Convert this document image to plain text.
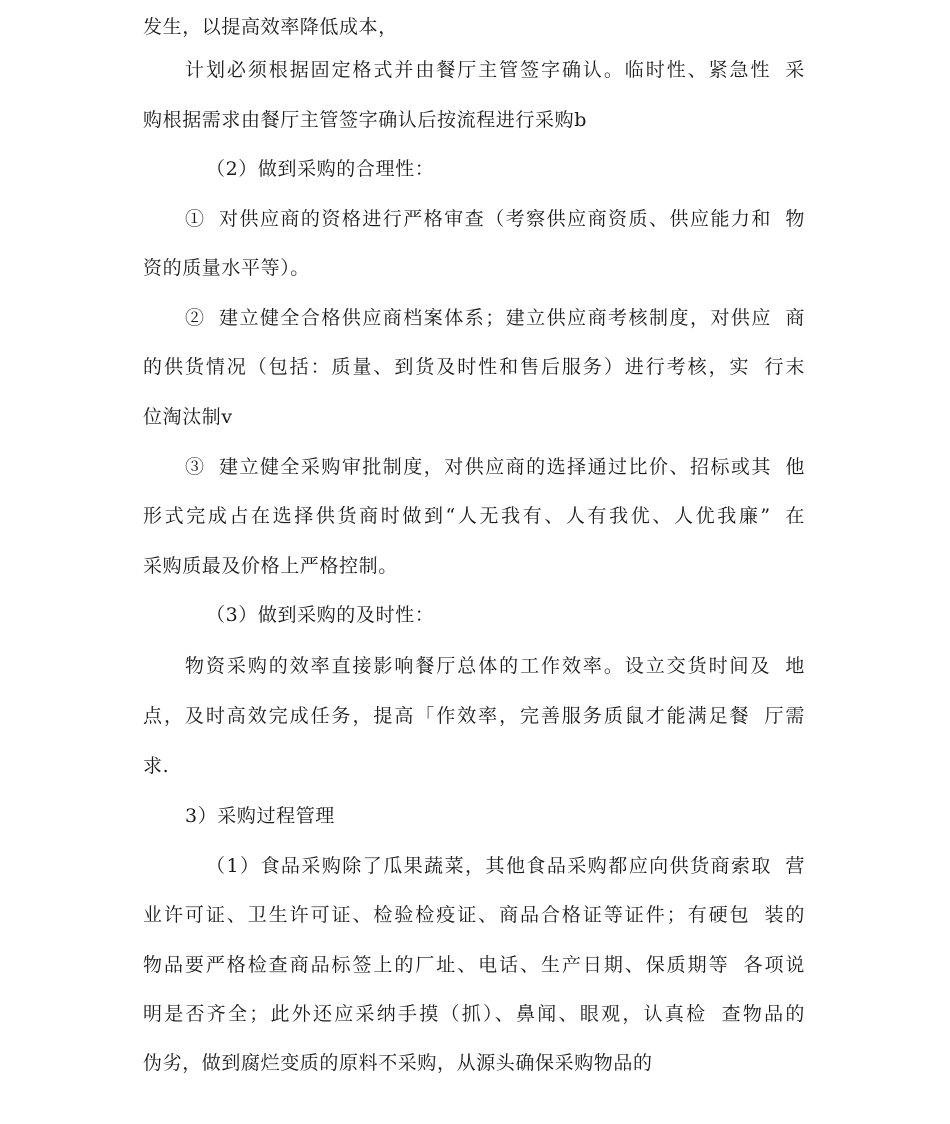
发生，以提高效率降低成本，
计划必须根据固定格式并由餐厅主管签字确认。临时性、紧急性 采
购根据需求由餐厅主管签字确认后按流程进行采购b
（2）做到采购的合理性：
① 对供应商的资格进行严格审查（考察供应商资质、供应能力和 物
资的质量水平等）。
② 建立健全合格供应商档案体系；建立供应商考核制度，对供应 商
的供货情况（包括：质量、到货及时性和售后服务）进行考核，实 行末
位淘汰制v
③ 建立健全采购审批制度，对供应商的选择通过比价、招标或其 他
形式完成占在选择供货商时做到“人无我有、人有我优、人优我廉” 在
采购质最及价格上严格控制。
（3）做到采购的及时性：
物资采购的效率直接影响餐厅总体的工作效率。设立交货时间及 地
点，及时高效完成任务，提高「作效率，完善服务质鼠才能满足餐 厅需
求.
3）采购过程管理
（1）食品采购除了瓜果蔬菜，其他食品采购都应向供货商索取 营
业许可证、卫生许可证、检验检疫证、商品合格证等证件；有硬包 装的
物品要严格检查商品标签上的厂址、电话、生产日期、保质期等 各项说
明是否齐全；此外还应采纳手摸（抓）、鼻闻、眼观，认真检 查物品的
伪劣，做到腐烂变质的原料不采购，从源头确保采购物品的
